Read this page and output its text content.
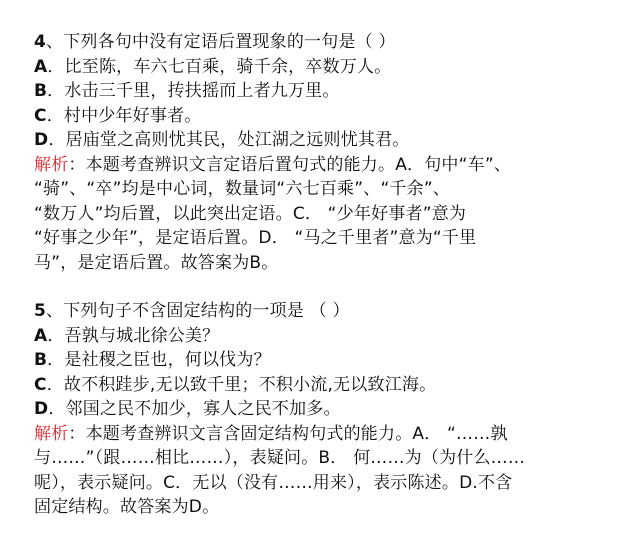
4、下列各句中没有定语后置现象的一句是（ ）
A．比至陈，车六七百乘，骑千余，卒数万人。
B．水击三千里，抟扶摇而上者九万里。
C．村中少年好事者。
D．居庙堂之高则忧其民，处江湖之远则忧其君。
解析：本题考查辨识文言定语后置句式的能力。A．句中“车”、
“骑”、“卒”均是中心词，数量词“六七百乘”、“千余”、
“数万人”均后置，以此突出定语。C． “少年好事者”意为
“好事之少年”，是定语后置。D． “马之千里者”意为“千里
马”，是定语后置。故答案为B。
5、下列句子不含固定结构的一项是 （ ）
A．吾孰与城北徐公美？
B．是社稷之臣也，何以伐为？
C．故不积跬步,无以致千里；不积小流,无以致江海。
D．邻国之民不加少，寡人之民不加多。
解析：本题考查辨识文言含固定结构句式的能力。A． “……孰
与……”（跟……相比……），表疑问。B． 何……为（为什么……
呢），表示疑问。C．无以（没有……用来），表示陈述。D.不含
固定结构。故答案为D。
